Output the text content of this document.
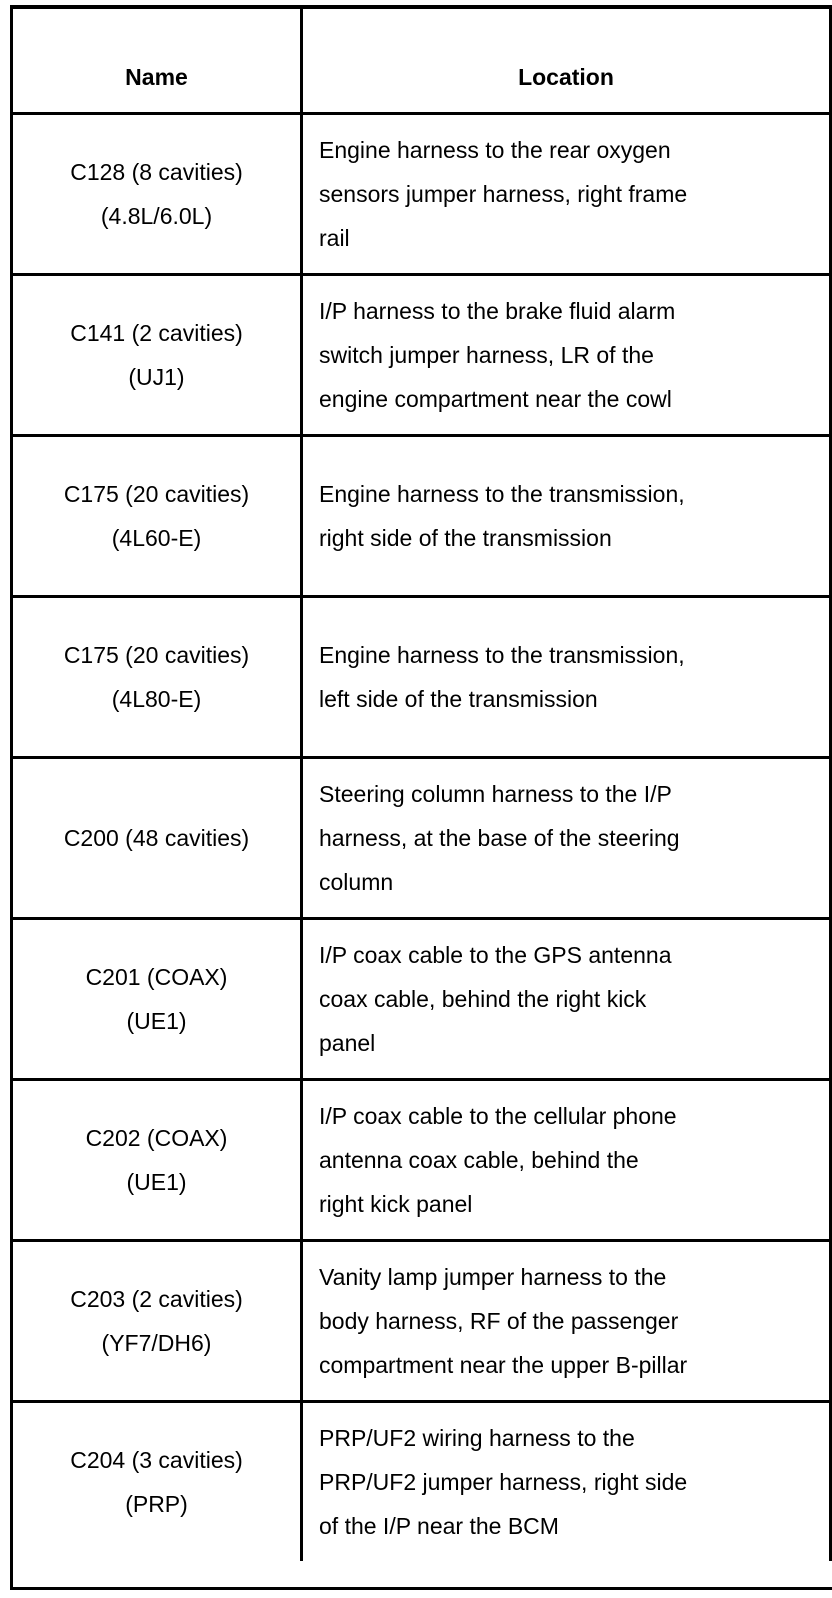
Name	Location
C128 (8 cavities)
(4.8L/6.0L)
Engine harness to the rear oxygen
sensors jumper harness, right frame
rail
C141 (2 cavities)
(UJ1)
I/P harness to the brake fluid alarm
switch jumper harness, LR of the
engine compartment near the cowl
C175 (20 cavities)
(4L60-E)
Engine harness to the transmission,
right side of the transmission
C175 (20 cavities)
(4L80-E)
Engine harness to the transmission,
left side of the transmission
C200 (48 cavities)
Steering column harness to the I/P
harness, at the base of the steering
column
C201 (COAX)
(UE1)
I/P coax cable to the GPS antenna
coax cable, behind the right kick
panel
C202 (COAX)
(UE1)
I/P coax cable to the cellular phone
antenna coax cable, behind the
right kick panel
C203 (2 cavities)
(YF7/DH6)
Vanity lamp jumper harness to the
body harness, RF of the passenger
compartment near the upper B-pillar
C204 (3 cavities)
(PRP)
PRP/UF2 wiring harness to the
PRP/UF2 jumper harness, right side
of the I/P near the BCM
